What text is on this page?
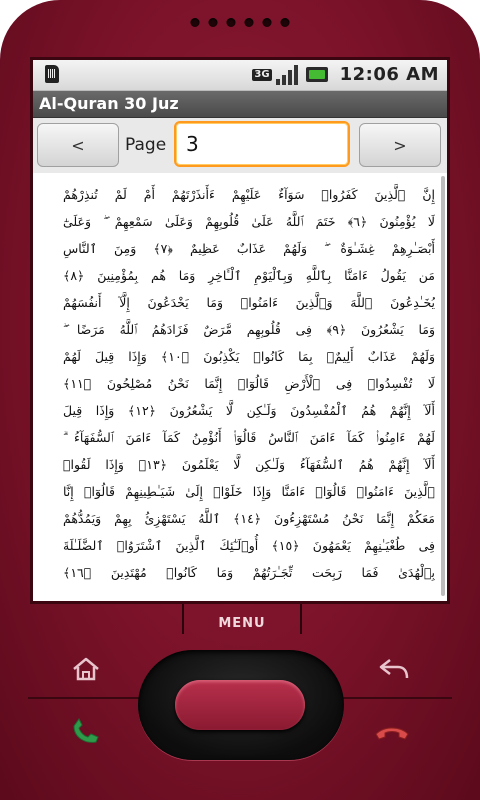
3G	12:06 AM
Al-Quran 30 Juz
<	Page
3	>
إِنَّ ٱلَّذِينَ كَفَرُوا۟ سَوَآءٌ عَلَيْهِمْ ءَأَنذَرْتَهُمْ أَمْ لَمْ تُنذِرْهُمْ
لَا يُؤْمِنُونَ ﴿٦﴾ خَتَمَ ٱللَّهُ عَلَىٰ قُلُوبِهِمْ وَعَلَىٰ سَمْعِهِمْ ۖ وَعَلَىٰٓ
أَبْصَـٰرِهِمْ غِشَـٰوَةٌ ۖ وَلَهُمْ عَذَابٌ عَظِيمٌ ﴿٧﴾ وَمِنَ ٱلنَّاسِ
مَن يَقُولُ ءَامَنَّا بِٱللَّهِ وَبِٱلْيَوْمِ ٱلْـَٔاخِرِ وَمَا هُم بِمُؤْمِنِينَ ﴿٨﴾
يُخَـٰدِعُونَ ٱللَّهَ وَٱلَّذِينَ ءَامَنُوا۟ وَمَا يَخْدَعُونَ إِلَّآ أَنفُسَهُمْ
وَمَا يَشْعُرُونَ ﴿٩﴾ فِى قُلُوبِهِم مَّرَضٌ فَزَادَهُمُ ٱللَّهُ مَرَضًا ۖ
وَلَهُمْ عَذَابٌ أَلِيمٌۢ بِمَا كَانُوا۟ يَكْذِبُونَ ﴿١٠﴾ وَإِذَا قِيلَ لَهُمْ
لَا تُفْسِدُوا۟ فِى ٱلْأَرْضِ قَالُوٓا۟ إِنَّمَا نَحْنُ مُصْلِحُونَ ﴿١١﴾
أَلَآ إِنَّهُمْ هُمُ ٱلْمُفْسِدُونَ وَلَـٰكِن لَّا يَشْعُرُونَ ﴿١٢﴾ وَإِذَا قِيلَ
لَهُمْ ءَامِنُوا۟ كَمَآ ءَامَنَ ٱلنَّاسُ قَالُوٓا۟ أَنُؤْمِنُ كَمَآ ءَامَنَ ٱلسُّفَهَآءُ ۗ
أَلَآ إِنَّهُمْ هُمُ ٱلسُّفَهَآءُ وَلَـٰكِن لَّا يَعْلَمُونَ ﴿١٣﴾ وَإِذَا لَقُوا۟
ٱلَّذِينَ ءَامَنُوا۟ قَالُوٓا۟ ءَامَنَّا وَإِذَا خَلَوْا۟ إِلَىٰ شَيَـٰطِينِهِمْ قَالُوٓا۟ إِنَّا
مَعَكُمْ إِنَّمَا نَحْنُ مُسْتَهْزِءُونَ ﴿١٤﴾ ٱللَّهُ يَسْتَهْزِئُ بِهِمْ وَيَمُدُّهُمْ
فِى طُغْيَـٰنِهِمْ يَعْمَهُونَ ﴿١٥﴾ أُو۟لَـٰٓئِكَ ٱلَّذِينَ ٱشْتَرَوُا۟ ٱلضَّلَـٰلَةَ
بِٱلْهُدَىٰ فَمَا رَبِحَت تِّجَـٰرَتُهُمْ وَمَا كَانُوا۟ مُهْتَدِينَ ﴿١٦﴾
MENU
